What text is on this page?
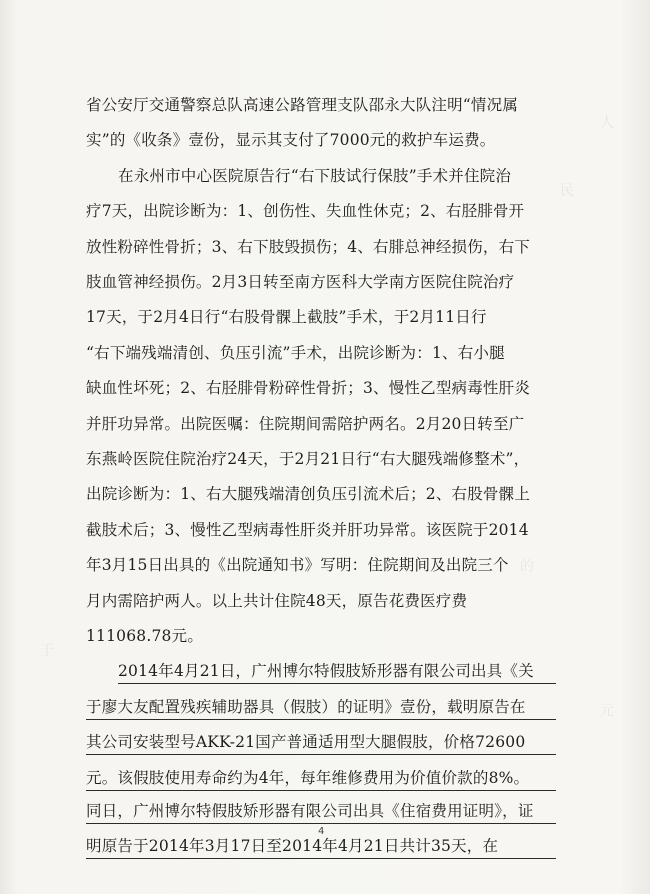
人
民
的
于
元
省公安厅交通警察总队高速公路管理支队邵永大队注明“情况属
实”的《收条》壹份，显示其支付了7000元的救护车运费。
在永州市中心医院原告行“右下肢试行保肢”手术并住院治
疗7天，出院诊断为：1、创伤性、失血性休克；2、右胫腓骨开
放性粉碎性骨折；3、右下肢毁损伤；4、右腓总神经损伤，右下
肢血管神经损伤。2月3日转至南方医科大学南方医院住院治疗
17天，于2月4日行“右股骨髁上截肢”手术，于2月11日行
“右下端残端清创、负压引流”手术，出院诊断为：1、右小腿
缺血性坏死；2、右胫腓骨粉碎性骨折；3、慢性乙型病毒性肝炎
并肝功异常。出院医嘱：住院期间需陪护两名。2月20日转至广
东燕岭医院住院治疗24天，于2月21日行“右大腿残端修整术”，
出院诊断为：1、右大腿残端清创负压引流术后；2、右股骨髁上
截肢术后；3、慢性乙型病毒性肝炎并肝功异常。该医院于2014
年3月15日出具的《出院通知书》写明：住院期间及出院三个
月内需陪护两人。以上共计住院48天，原告花费医疗费
111068.78元。
2014年4月21日，广州博尔特假肢矫形器有限公司出具《关
于廖大友配置残疾辅助器具（假肢）的证明》壹份，载明原告在
其公司安装型号AKK-21国产普通适用型大腿假肢，价格72600
元。该假肢使用寿命约为4年，每年维修费用为价值价款的8%。
同日，广州博尔特假肢矫形器有限公司出具《住宿费用证明》，证
明原告于2014年3月17日至2014年4月21日共计35天，在
4
